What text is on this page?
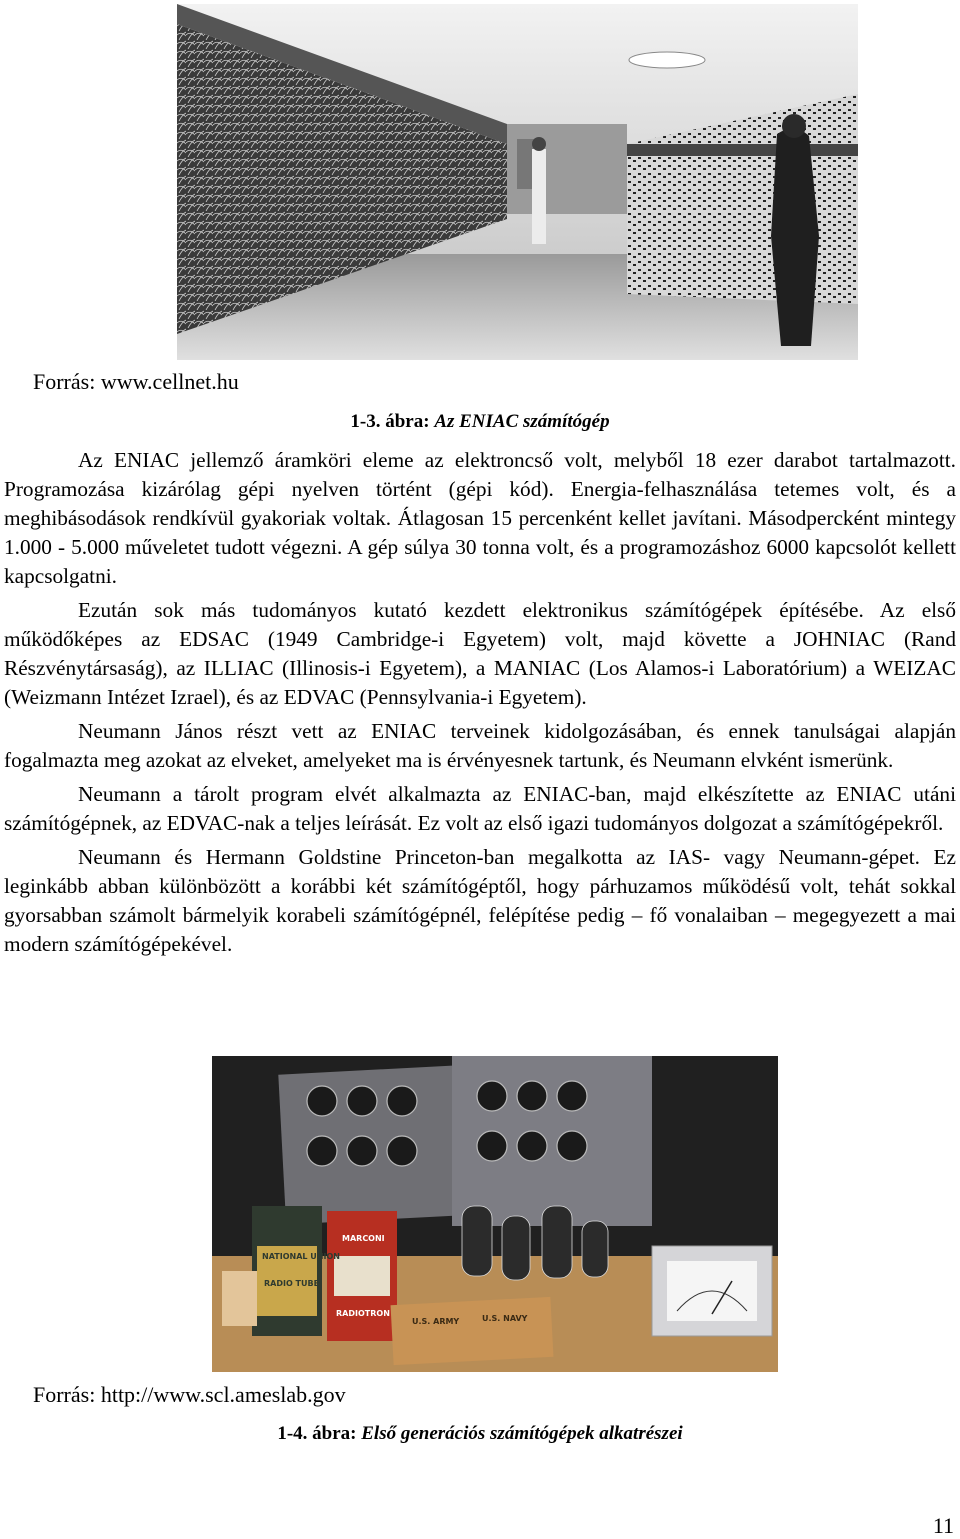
Forrás: www.cellnet.hu
1-3. ábra: Az ENIAC számítógép

Az ENIAC jellemző áramköri eleme az elektroncső volt, melyből 18 ezer darabot tartalmazott. Programozása kizárólag gépi nyelven történt (gépi kód). Energia-felhasználása tetemes volt, és a meghibásodások rendkívül gyakoriak voltak. Átlagosan 15 percenként kellet javítani. Másodpercként mintegy 1.000 - 5.000 műveletet tudott végezni. A gép súlya 30 tonna volt, és a programozáshoz 6000 kapcsolót kellett kapcsolgatni.

Ezután sok más tudományos kutató kezdett elektronikus számítógépek építésébe. Az első működőképes az EDSAC (1949 Cambridge-i Egyetem) volt, majd követte a JOHNIAC (Rand Részvénytársaság), az ILLIAC (Illinosis-i Egyetem), a MANIAC (Los Alamos-i Laboratórium) a WEIZAC (Weizmann Intézet Izrael), és az EDVAC (Pennsylvania-i Egyetem).

Neumann János részt vett az ENIAC terveinek kidolgozásában, és ennek tanulságai alapján fogalmazta meg azokat az elveket, amelyeket ma is érvényesnek tartunk, és Neumann elvként ismerünk.

Neumann a tárolt program elvét alkalmazta az ENIAC-ban, majd elkészítette az ENIAC utáni számítógépnek, az EDVAC-nak a teljes leírását. Ez volt az első igazi tudományos dolgozat a számítógépekről.

Neumann és Hermann Goldstine Princeton-ban megalkotta az IAS- vagy Neumann-gépet. Ez leginkább abban különbözött a korábbi két számítógéptől, hogy párhuzamos működésű volt, tehát sokkal gyorsabban számolt bármelyik korabeli számítógépnél, felépítése pedig – fő vonalaiban – megegyezett a mai modern számítógépekével.

NATIONAL UNION
RADIO TUBE
MARCONI
RADIOTRON
U.S. ARMY	U.S. NAVY
Forrás: http://www.scl.ameslab.gov
1-4. ábra: Első generációs számítógépek alkatrészei
11
